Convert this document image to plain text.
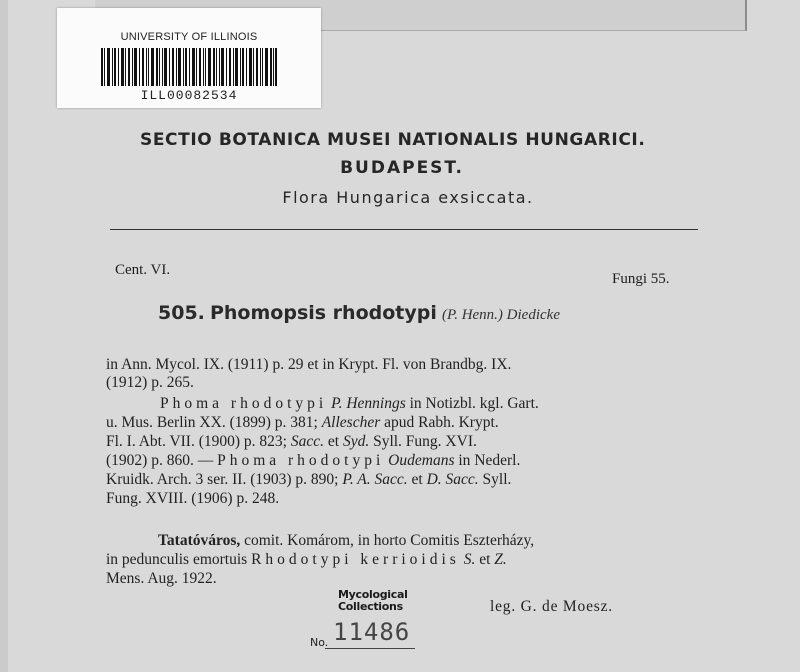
UNIVERSITY OF ILLINOIS
ILL00082534
SECTIO BOTANICA MUSEI NATIONALIS HUNGARICI.
BUDAPEST.
Flora Hungarica exsiccata.
Cent. VI.
Fungi 55.
505. Phomopsis rhodotypi (P. Henn.) Diedicke
in Ann. Mycol. IX. (1911) p. 29 et in Krypt. Fl. von Brandbg. IX.
(1912) p. 265.
Phoma rhodotypi P. Hennings in Notizbl. kgl. Gart.
u. Mus. Berlin XX. (1899) p. 381; Allescher apud Rabh. Krypt.
Fl. I. Abt. VII. (1900) p. 823; Sacc. et Syd. Syll. Fung. XVI.
(1902) p. 860. — Phoma rhodotypi Oudemans in Nederl.
Kruidk. Arch. 3 ser. II. (1903) p. 890; P. A. Sacc. et D. Sacc. Syll.
Fung. XVIII. (1906) p. 248.
Tatatóváros, comit. Komárom, in horto Comitis Eszterházy,
in pedunculis emortuis Rhodotypi kerrioidis S. et Z.
Mens. Aug. 1922.
leg. G. de Moesz.
Mycological
Collections
No. 11486
